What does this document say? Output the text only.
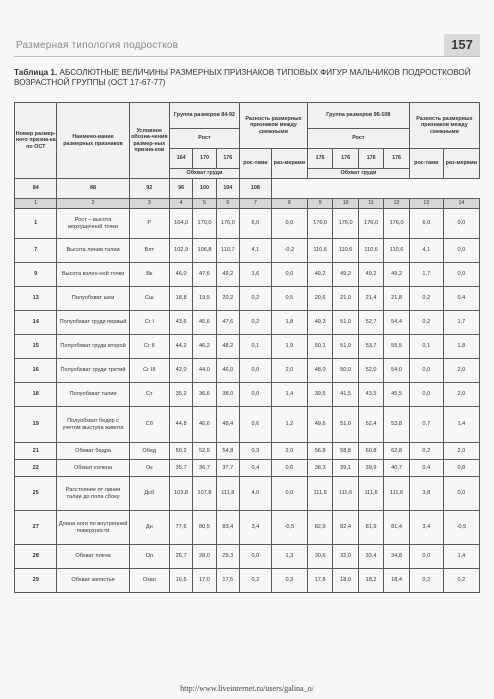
Размерная типология подростков	157
Таблица 1. АБСОЛЮТНЫЕ ВЕЛИЧИНЫ РАЗМЕРНЫХ ПРИЗНАКОВ ТИПОВЫХ ФИГУР МАЛЬЧИКОВ ПОДРОСТКОВОЙ ВОЗРАСТНОЙ ГРУППЫ (ОСТ 17-67-77)
Номер размер-ного призна-ка по ОСТ	Наимено-вание размерных признаков	Условное обозна-чения размер-ных призна-ков	Группа размеров 84-92			Разность размерных признаков между смежными		Группа размеров 96-108				Разность размерных признаков между смежными	
			Рост					Рост					
			164	170	176	рос-тами	раз-мерами	176	176	176	176	рос-тами	раз-мерами
			Обхват груди					Обхват груди					
84	88	92	96	100	104	108							
1	2	3	4	5	6	7	8	9	10	11	12	13	14
1	Рост – высота верхушечной точки	Р	164,0	170,0	176,0	6,0	0,0	176,0	176,0	176,0	176,0	6,0	0,0
7	Высота линии талии	Влт	102,9	106,8	110,7	4,1	-0,2	110,6	110,6	110,6	110,6	4,1	0,0
9	Высота колен-ной точки	Вк	46,0	47,6	49,2	1,6	0,0	49,2	49,2	49,2	49,2	1,7	0,0
13	Полуобхват шеи	Сш	18,8	19,5	20,2	0,2	0,5	20,6	21,0	21,4	21,8	0,2	0,4
14	Полуобхват груди первый	Сг I	43,6	45,6	47,6	0,2	1,8	49,3	51,0	52,7	54,4	0,2	1,7
15	Полуобхват груди второй	Сг II	44,2	46,2	48,2	0,1	1,9	50,1	51,9	53,7	55,5	0,1	1,8
16	Полуобхват груди третий	Сг III	42,0	44,0	46,0	0,0	2,0	48,0	50,0	52,0	54,0	0,0	2,0
18	Полуобхват талии	Ст	35,2	36,6	38,0	0,0	1,4	39,5	41,5	43,5	45,5	0,0	2,0
19	Полуобхват бедер с учетом выступа живота	Сб	44,8	46,6	48,4	0,6	1,2	49,6	51,0	52,4	53,8	0,7	1,4
21	Обхват бедра	Обед	50,2	52,5	54,8	0,3	2,0	56,8	58,8	60,8	62,8	0,2	2,0
22	Обхват колена	Ок	35,7	36,7	37,7	0,4	0,6	38,3	39,1	39,9	40,7	0,4	0,8
25	Расстояние от линии талии до пола сбоку	Дсб	103,8	107,8	111,8	4,0	0,0	111,6	111,6	111,6	111,6	3,8	0,0
27	Длина ноги по внутренней поверхности	Дн	77,6	80,5	83,4	3,4	-0,5	82,9	82,4	81,9	81,4	3,4	-0,5
28	Обхват плеча	Оп	26,7	28,0	29,3	0,0	1,3	30,6	32,0	33,4	34,8	0,0	1,4
29	Обхват запястья	Озап	16,5	17,0	17,5	0,2	0,3	17,8	18,0	18,2	18,4	0,2	0,2
http://www.liveinternet.ru/users/galina_o/
